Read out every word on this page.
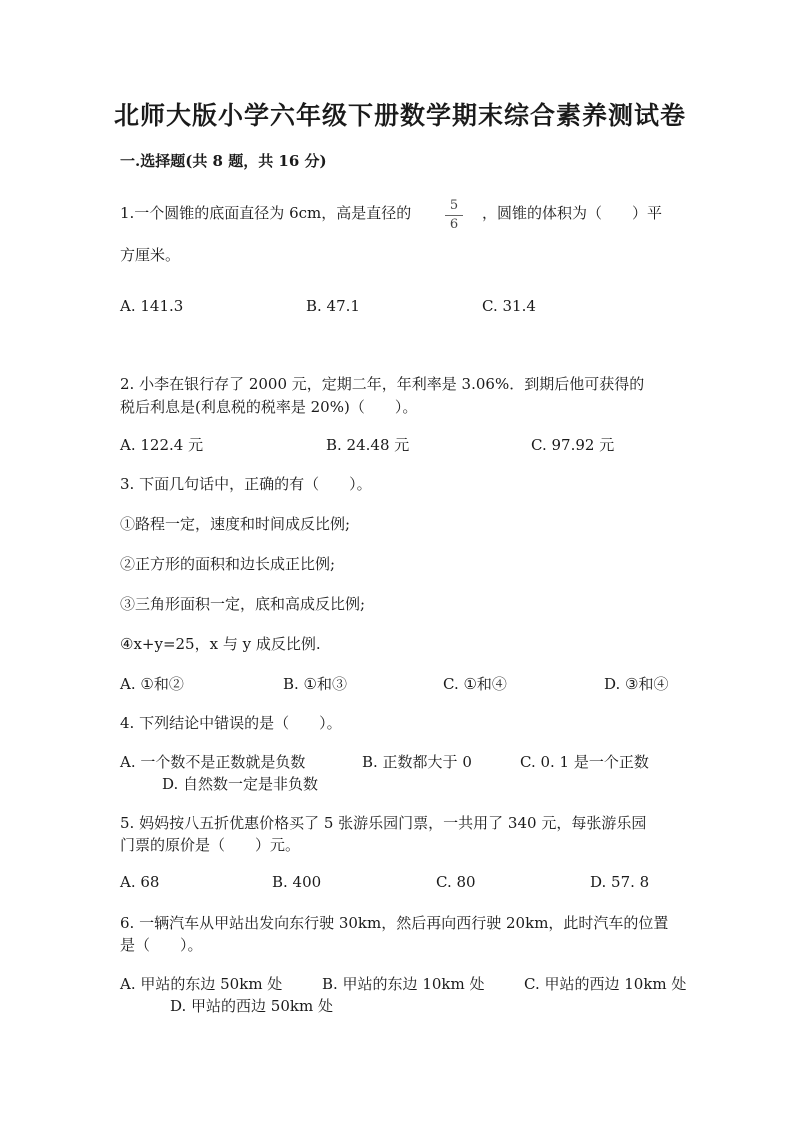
北师大版小学六年级下册数学期末综合素养测试卷
一.选择题(共 8 题，共 16 分)
1.一个圆锥的底面直径为 6cm，高是直径的	5
6
，圆锥的体积为（　　）平
方厘米。
A. 141.3	B. 47.1	C. 31.4
2. 小李在银行存了 2000 元，定期二年，年利率是 3.06%．到期后他可获得的
税后利息是(利息税的税率是 20%)（　　）。
A. 122.4 元	B. 24.48 元	C. 97.92 元
3. 下面几句话中，正确的有（　　）。
①路程一定，速度和时间成反比例;
②正方形的面积和边长成正比例;
③三角形面积一定，底和高成反比例;
④x+y=25，x 与 y 成反比例.
A. ①和②	B. ①和③	C. ①和④	D. ③和④
4. 下列结论中错误的是（　　）。
A. 一个数不是正数就是负数	B. 正数都大于 0	C. 0. 1 是一个正数
D. 自然数一定是非负数
5. 妈妈按八五折优惠价格买了 5 张游乐园门票，一共用了 340 元，每张游乐园
门票的原价是（　　）元。
A. 68	B. 400	C. 80	D. 57. 8
6. 一辆汽车从甲站出发向东行驶 30km，然后再向西行驶 20km，此时汽车的位置
是（　　）。
A. 甲站的东边 50km 处	B. 甲站的东边 10km 处	C. 甲站的西边 10km 处
D. 甲站的西边 50km 处
